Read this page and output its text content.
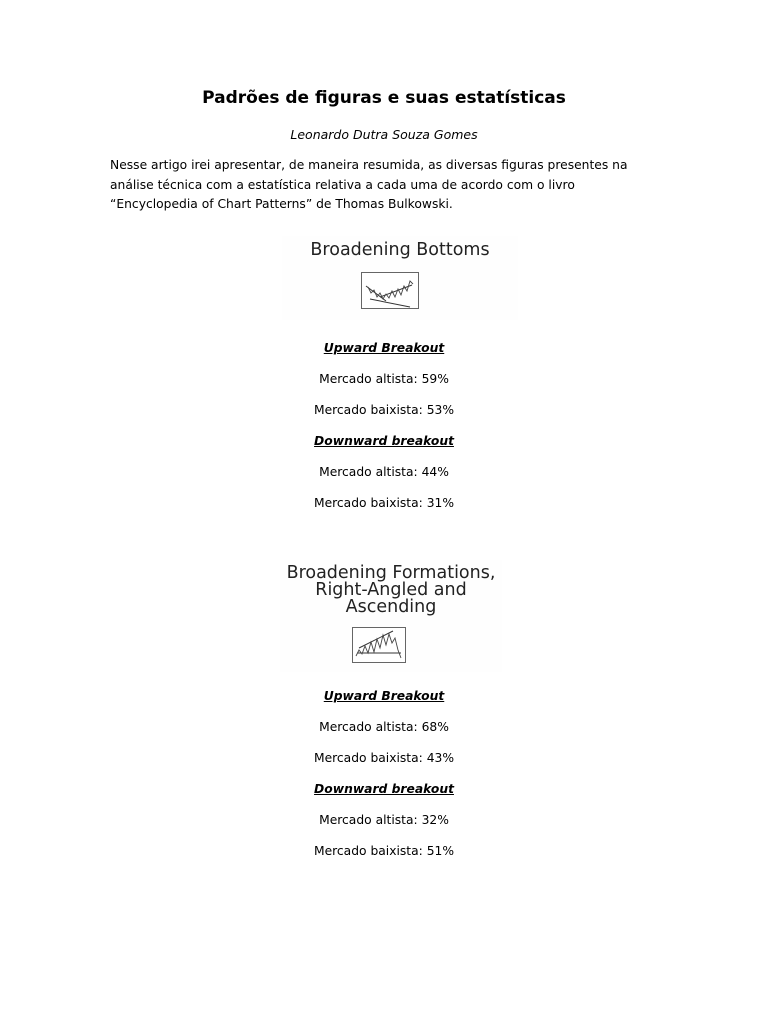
Padrões de figuras e suas estatísticas
Leonardo Dutra Souza Gomes
Nesse artigo irei apresentar, de maneira resumida, as diversas figuras presentes na análise técnica com a estatística relativa a cada uma de acordo com o livro “Encyclopedia of Chart Patterns” de Thomas Bulkowski.
Broadening Bottoms
Upward Breakout
Mercado altista: 59%
Mercado baixista: 53%
Downward breakout
Mercado altista: 44%
Mercado baixista: 31%
Broadening Formations,
Right-Angled and
Ascending
Upward Breakout
Mercado altista: 68%
Mercado baixista: 43%
Downward breakout
Mercado altista: 32%
Mercado baixista: 51%
